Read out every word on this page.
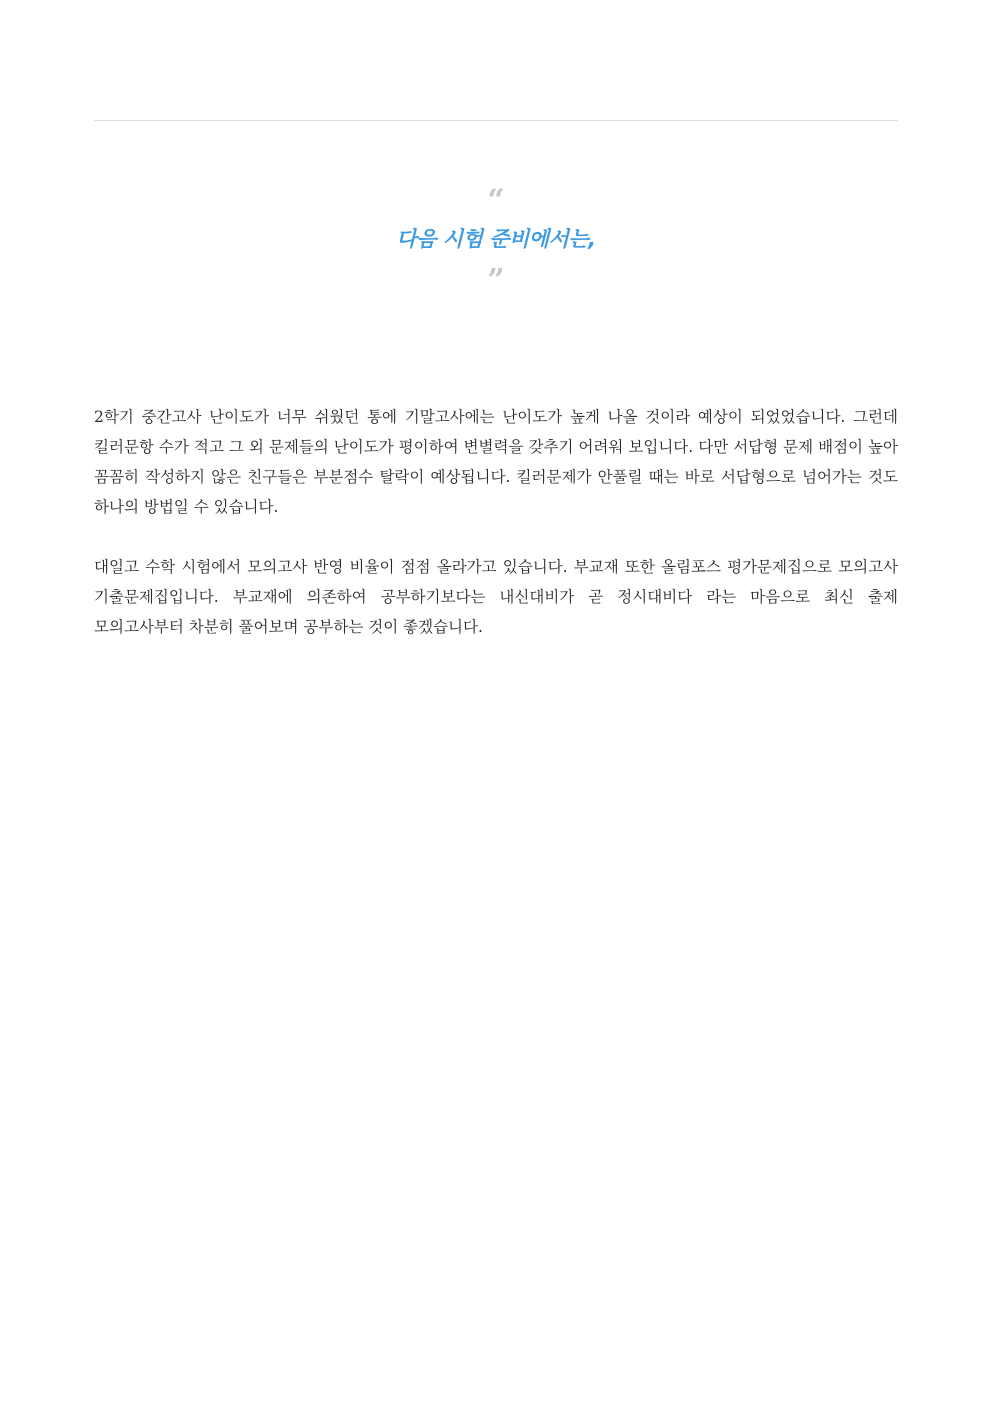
“
다음 시험 준비에서는,
”

2학기 중간고사 난이도가 너무 쉬웠던 통에 기말고사에는 난이도가 높게 나올 것이라 예상이 되었었습니다. 그런데 킬러문항 수가 적고 그 외 문제들의 난이도가 평이하여 변별력을 갖추기 어려워 보입니다. 다만 서답형 문제 배점이 높아 꼼꼼히 작성하지 않은 친구들은 부분점수 탈락이 예상됩니다. 킬러문제가 안풀릴 때는 바로 서답형으로 넘어가는 것도 하나의 방법일 수 있습니다.

대일고 수학 시험에서 모의고사 반영 비율이 점점 올라가고 있습니다. 부교재 또한 올림포스 평가문제집으로 모의고사 기출문제집입니다. 부교재에 의존하여 공부하기보다는 내신대비가 곧 정시대비다 라는 마음으로 최신 출제 모의고사부터 차분히 풀어보며 공부하는 것이 좋겠습니다.
